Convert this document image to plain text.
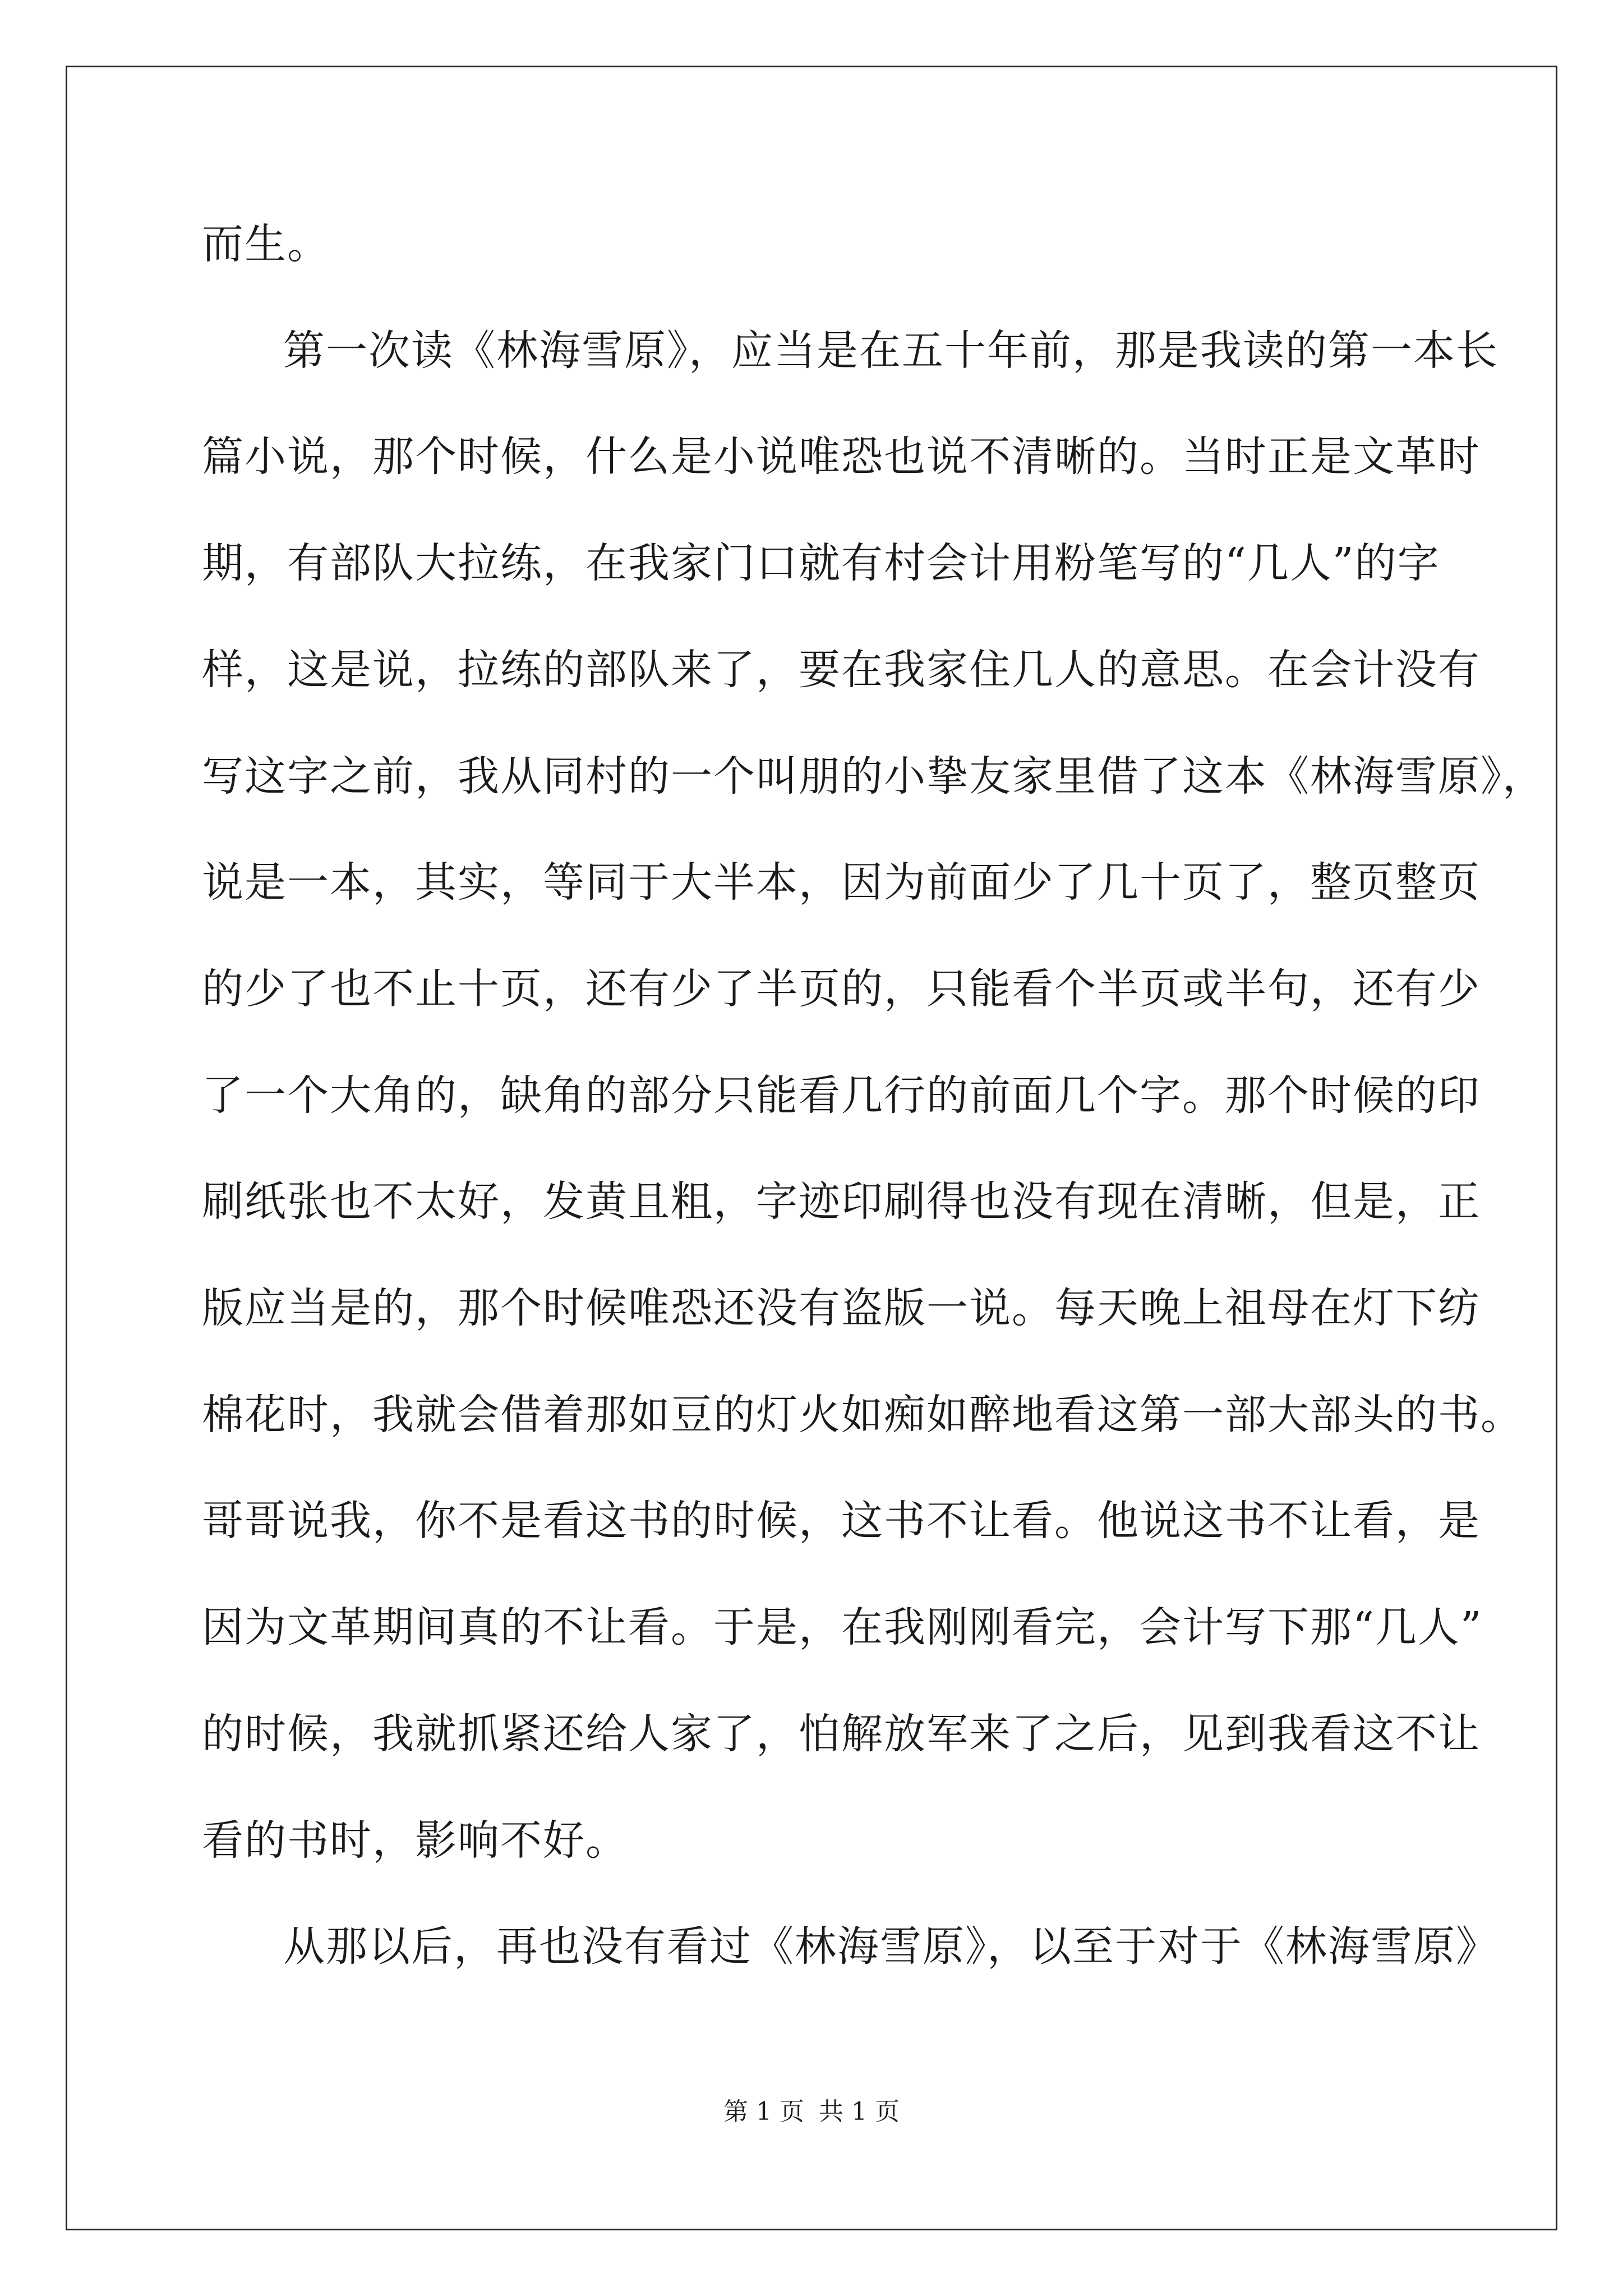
而生。
第一次读《林海雪原》，应当是在五十年前，那是我读的第一本长
篇小说，那个时候，什么是小说唯恐也说不清晰的。当时正是文革时
期，有部队大拉练，在我家门口就有村会计用粉笔写的“几人”的字
样，这是说，拉练的部队来了，要在我家住几人的意思。在会计没有
写这字之前，我从同村的一个叫朋的小挚友家里借了这本《林海雪原》，
说是一本，其实，等同于大半本，因为前面少了几十页了，整页整页
的少了也不止十页，还有少了半页的，只能看个半页或半句，还有少
了一个大角的，缺角的部分只能看几行的前面几个字。那个时候的印
刷纸张也不太好，发黄且粗，字迹印刷得也没有现在清晰，但是，正
版应当是的，那个时候唯恐还没有盗版一说。每天晚上祖母在灯下纺
棉花时，我就会借着那如豆的灯火如痴如醉地看这第一部大部头的书。
哥哥说我，你不是看这书的时候，这书不让看。他说这书不让看，是
因为文革期间真的不让看。于是，在我刚刚看完，会计写下那“几人”
的时候，我就抓紧还给人家了，怕解放军来了之后，见到我看这不让
看的书时，影响不好。
从那以后，再也没有看过《林海雪原》，以至于对于《林海雪原》
第 1 页 共 1 页
